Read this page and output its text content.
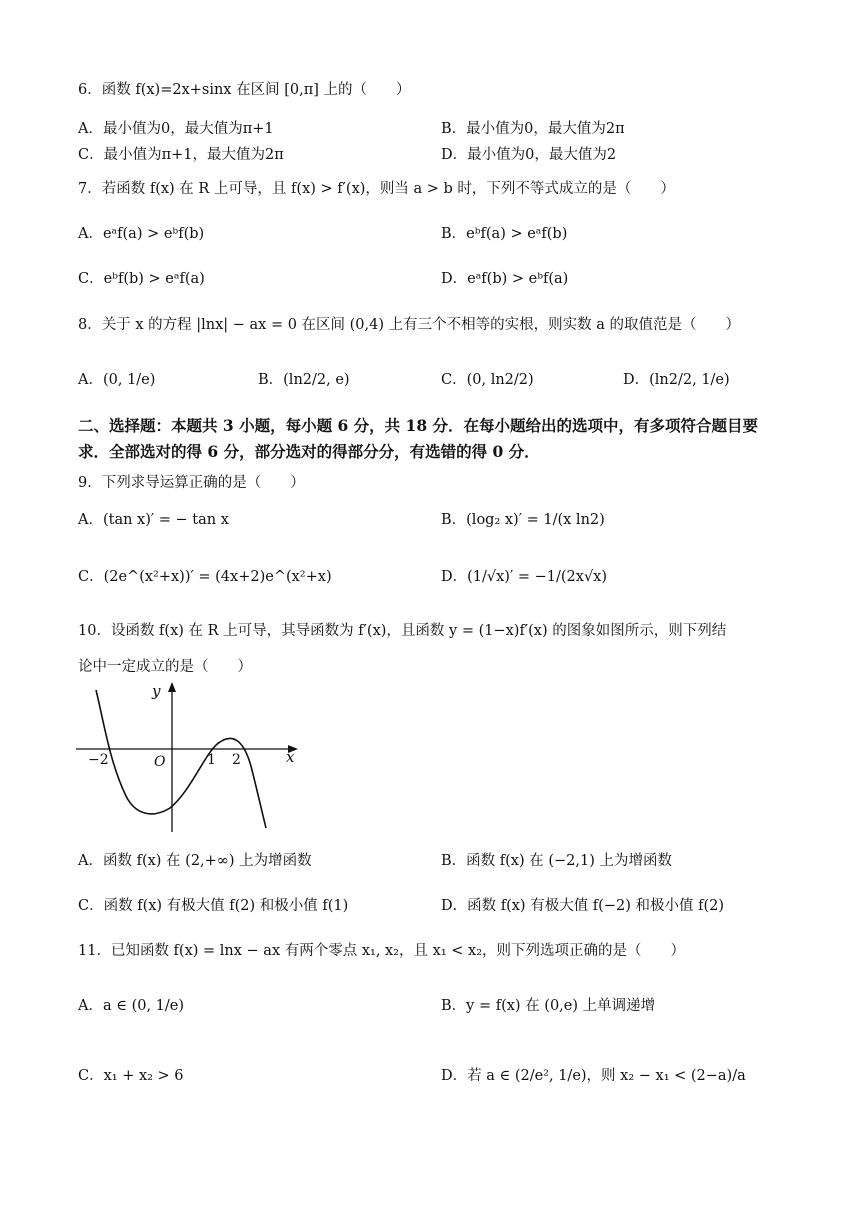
6．函数 f(x)=2x+sinx 在区间 [0,π] 上的（　　）
A．最小值为0，最大值为π+1	B．最小值为0，最大值为2π
C．最小值为π+1，最大值为2π	D．最小值为0，最大值为2
7．若函数 f(x) 在 R 上可导，且 f(x) > f′(x)，则当 a > b 时，下列不等式成立的是（　　）
A．eᵃf(a) > eᵇf(b)	B．eᵇf(a) > eᵃf(b)
C．eᵇf(b) > eᵃf(a)	D．eᵃf(b) > eᵇf(a)
8．关于 x 的方程 |lnx| − ax = 0 在区间 (0,4) 上有三个不相等的实根，则实数 a 的取值范是（　　）
A．(0, 1/e)	B．(ln2/2, e)	C．(0, ln2/2)	D．(ln2/2, 1/e)
二、选择题：本题共 3 小题，每小题 6 分，共 18 分．在每小题给出的选项中，有多项符合题目要求．全部选对的得 6 分，部分选对的得部分分，有选错的得 0 分．
9．下列求导运算正确的是（　　）
A．(tan x)′ = − tan x	B．(log₂ x)′ = 1/(x ln2)
C．(2e^(x²+x))′ = (4x+2)e^(x²+x)	D．(1/√x)′ = −1/(2x√x)
10．设函数 f(x) 在 R 上可导，其导函数为 f′(x)，且函数 y = (1−x)f′(x) 的图象如图所示，则下列结
论中一定成立的是（　　）
y
x
O
−2	1 2
A．函数 f(x) 在 (2,+∞) 上为增函数	B．函数 f(x) 在 (−2,1) 上为增函数
C．函数 f(x) 有极大值 f(2) 和极小值 f(1)	D．函数 f(x) 有极大值 f(−2) 和极小值 f(2)
11．已知函数 f(x) = lnx − ax 有两个零点 x₁, x₂，且 x₁ < x₂，则下列选项正确的是（　　）
A．a ∈ (0, 1/e)	B．y = f(x) 在 (0,e) 上单调递增
C．x₁ + x₂ > 6	D．若 a ∈ (2/e², 1/e)，则 x₂ − x₁ < (2−a)/a
